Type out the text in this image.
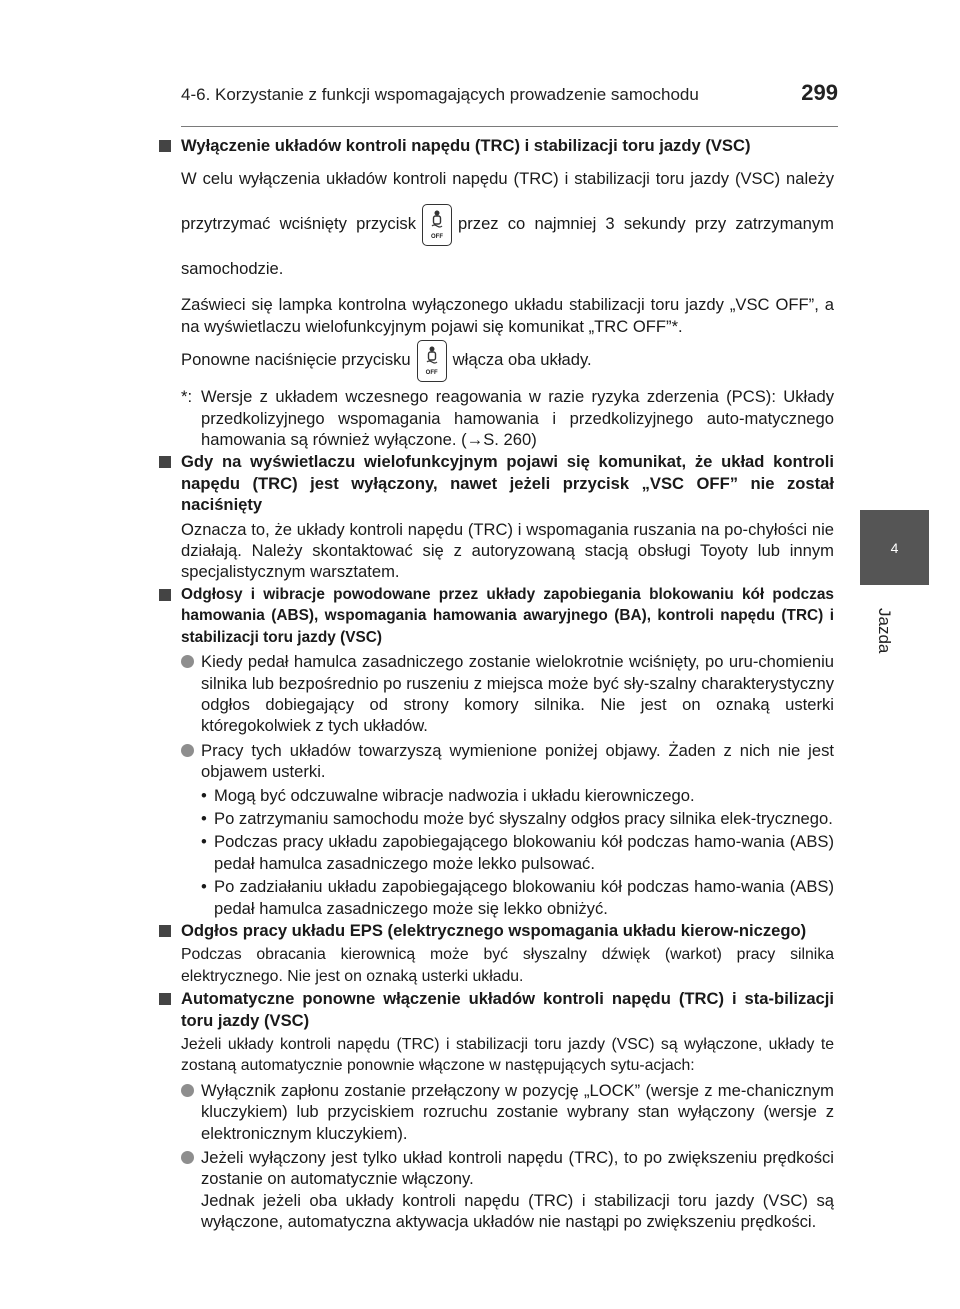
4-6. Korzystanie z funkcji wspomagających prowadzenie samochodu	299
4
Jazda

Wyłączenie układów kontroli napędu (TRC) i stabilizacji toru jazdy (VSC)

W celu wyłączenia układów kontroli napędu (TRC) i stabilizacji toru jazdy (VSC) należy przytrzymać wciśnięty przycisk
OFF
przez co najmniej 3 sekundy przy zatrzymanym samochodzie.

Zaświeci się lampka kontrolna wyłączonego układu stabilizacji toru jazdy „VSC OFF”, a na wyświetlaczu wielofunkcyjnym pojawi się komunikat „TRC OFF”*.

Ponowne naciśnięcie przycisku
OFF
włącza oba układy.

*: Wersje z układem wczesnego reagowania w razie ryzyka zderzenia (PCS): Układy przedkolizyjnego wspomagania hamowania i przedkolizyjnego auto-matycznego hamowania są również wyłączone. (→S. 260)

Gdy na wyświetlaczu wielofunkcyjnym pojawi się komunikat, że układ kontroli napędu (TRC) jest wyłączony, nawet jeżeli przycisk „VSC OFF” nie został naciśnięty

Oznacza to, że układy kontroli napędu (TRC) i wspomagania ruszania na po-chyłości nie działają. Należy skontaktować się z autoryzowaną stacją obsługi Toyoty lub innym specjalistycznym warsztatem.

Odgłosy i wibracje powodowane przez układy zapobiegania blokowaniu kół podczas hamowania (ABS), wspomagania hamowania awaryjnego (BA), kontroli napędu (TRC) i stabilizacji toru jazdy (VSC)

Kiedy pedał hamulca zasadniczego zostanie wielokrotnie wciśnięty, po uru-chomieniu silnika lub bezpośrednio po ruszeniu z miejsca może być sły-szalny charakterystyczny odgłos dobiegający od strony komory silnika. Nie jest on oznaką usterki któregokolwiek z tych układów.
Pracy tych układów towarzyszą wymienione poniżej objawy. Żaden z nich nie jest objawem usterki.
• Mogą być odczuwalne wibracje nadwozia i układu kierowniczego.
• Po zatrzymaniu samochodu może być słyszalny odgłos pracy silnika elek-trycznego.
• Podczas pracy układu zapobiegającego blokowaniu kół podczas hamo-wania (ABS) pedał hamulca zasadniczego może lekko pulsować.
• Po zadziałaniu układu zapobiegającego blokowaniu kół podczas hamo-wania (ABS) pedał hamulca zasadniczego może się lekko obniżyć.

Odgłos pracy układu EPS (elektrycznego wspomagania układu kierow-niczego)

Podczas obracania kierownicą może być słyszalny dźwięk (warkot) pracy silnika elektrycznego. Nie jest on oznaką usterki układu.

Automatyczne ponowne włączenie układów kontroli napędu (TRC) i sta-bilizacji toru jazdy (VSC)

Jeżeli układy kontroli napędu (TRC) i stabilizacji toru jazdy (VSC) są wyłączone, układy te zostaną automatycznie ponownie włączone w następujących sytu-acjach:

Wyłącznik zapłonu zostanie przełączony w pozycję „LOCK” (wersje z me-chanicznym kluczykiem) lub przyciskiem rozruchu zostanie wybrany stan wyłączony (wersje z elektronicznym kluczykiem).
Jeżeli wyłączony jest tylko układ kontroli napędu (TRC), to po zwiększeniu prędkości zostanie on automatycznie włączony.
Jednak jeżeli oba układy kontroli napędu (TRC) i stabilizacji toru jazdy (VSC) są wyłączone, automatyczna aktywacja układów nie nastąpi po zwiększeniu prędkości.
